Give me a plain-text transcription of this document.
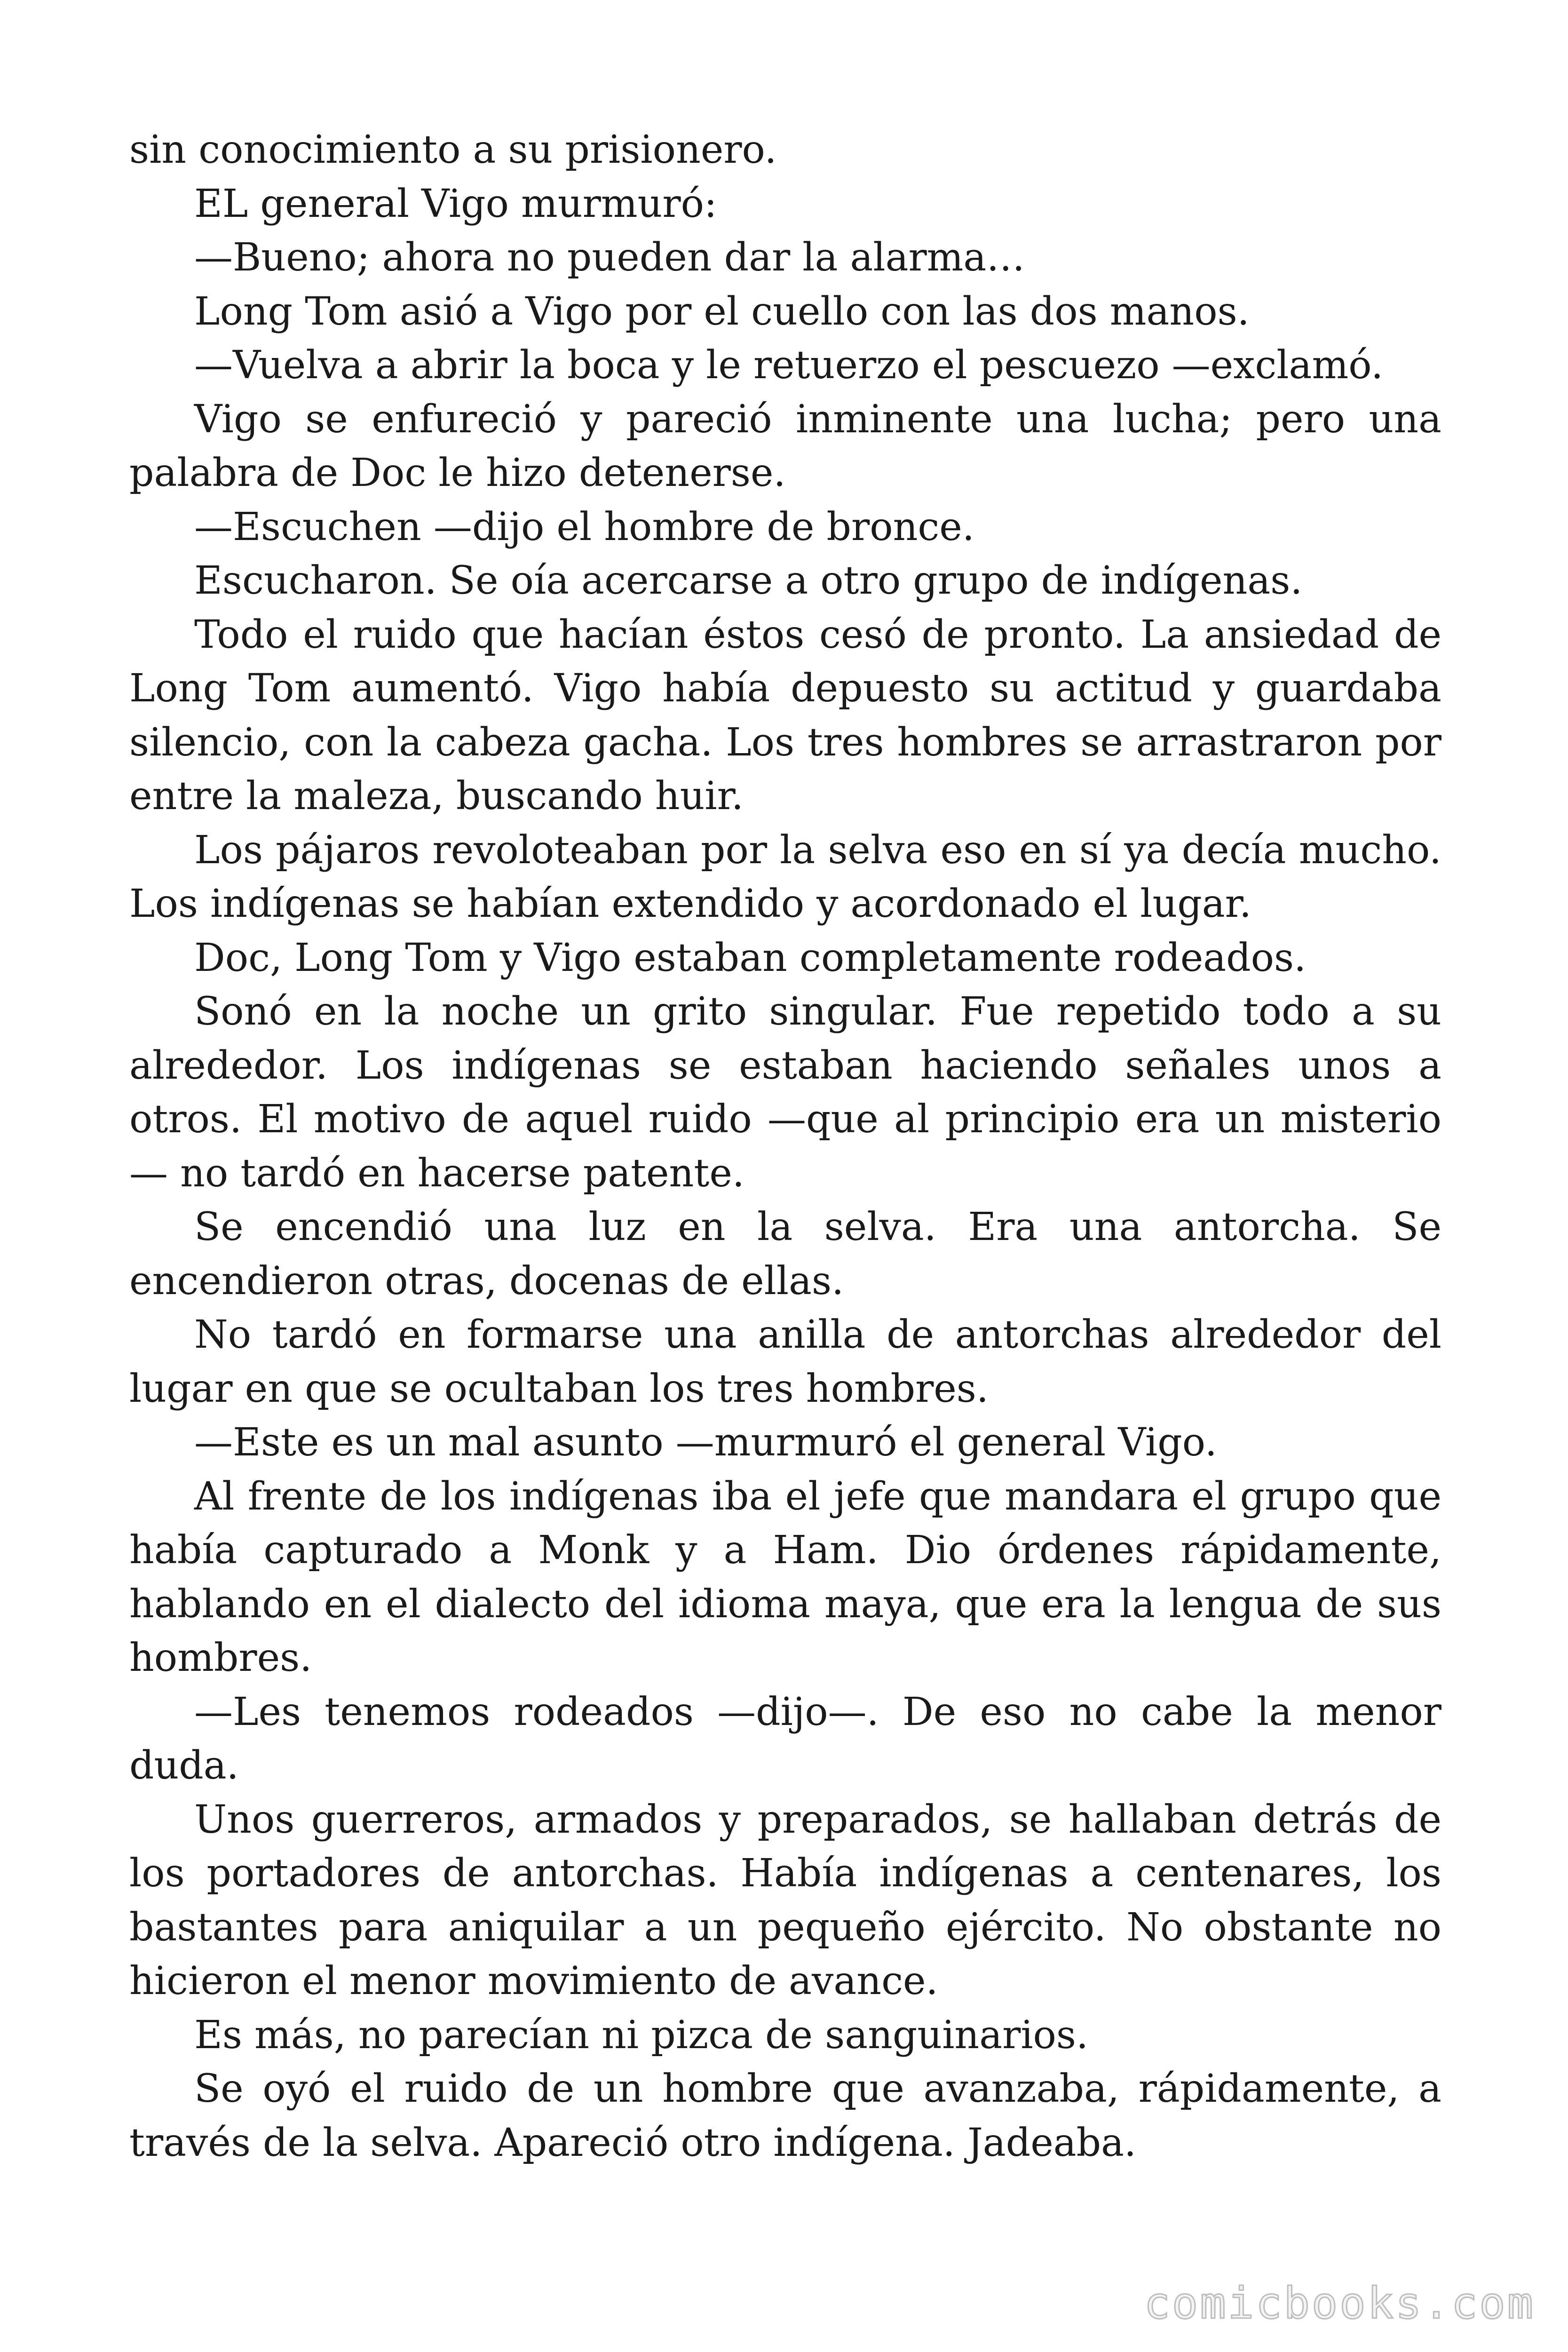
sin conocimiento a su prisionero.

EL general Vigo murmuró:

—Bueno; ahora no pueden dar la alarma…

Long Tom asió a Vigo por el cuello con las dos manos.

—Vuelva a abrir la boca y le retuerzo el pescuezo —exclamó.

Vigo se enfureció y pareció inminente una lucha; pero una palabra de Doc le hizo detenerse.

—Escuchen —dijo el hombre de bronce.

Escucharon. Se oía acercarse a otro grupo de indígenas.

Todo el ruido que hacían éstos cesó de pronto. La ansiedad de Long Tom aumentó. Vigo había depuesto su actitud y guardaba silencio, con la cabeza gacha. Los tres hombres se arrastraron por entre la maleza, buscando huir.

Los pájaros revoloteaban por la selva eso en sí ya decía mucho. Los indígenas se habían extendido y acordonado el lugar.

Doc, Long Tom y Vigo estaban completamente rodeados.

Sonó en la noche un grito singular. Fue repetido todo a su alrededor. Los indígenas se estaban haciendo señales unos a otros. El motivo de aquel ruido —que al principio era un misterio— no tardó en hacerse patente.

Se encendió una luz en la selva. Era una antorcha. Se encendieron otras, docenas de ellas.

No tardó en formarse una anilla de antorchas alrededor del lugar en que se ocultaban los tres hombres.

—Este es un mal asunto —murmuró el general Vigo.

Al frente de los indígenas iba el jefe que mandara el grupo que había capturado a Monk y a Ham. Dio órdenes rápidamente, hablando en el dialecto del idioma maya, que era la lengua de sus hombres.

—Les tenemos rodeados —dijo—. De eso no cabe la menor duda.

Unos guerreros, armados y preparados, se hallaban detrás de los portadores de antorchas. Había indígenas a centenares, los bastantes para aniquilar a un pequeño ejército. No obstante no hicieron el menor movimiento de avance.

Es más, no parecían ni pizca de sanguinarios.

Se oyó el ruido de un hombre que avanzaba, rápidamente, a través de la selva. Apareció otro indígena. Jadeaba.

comicbooks.com
